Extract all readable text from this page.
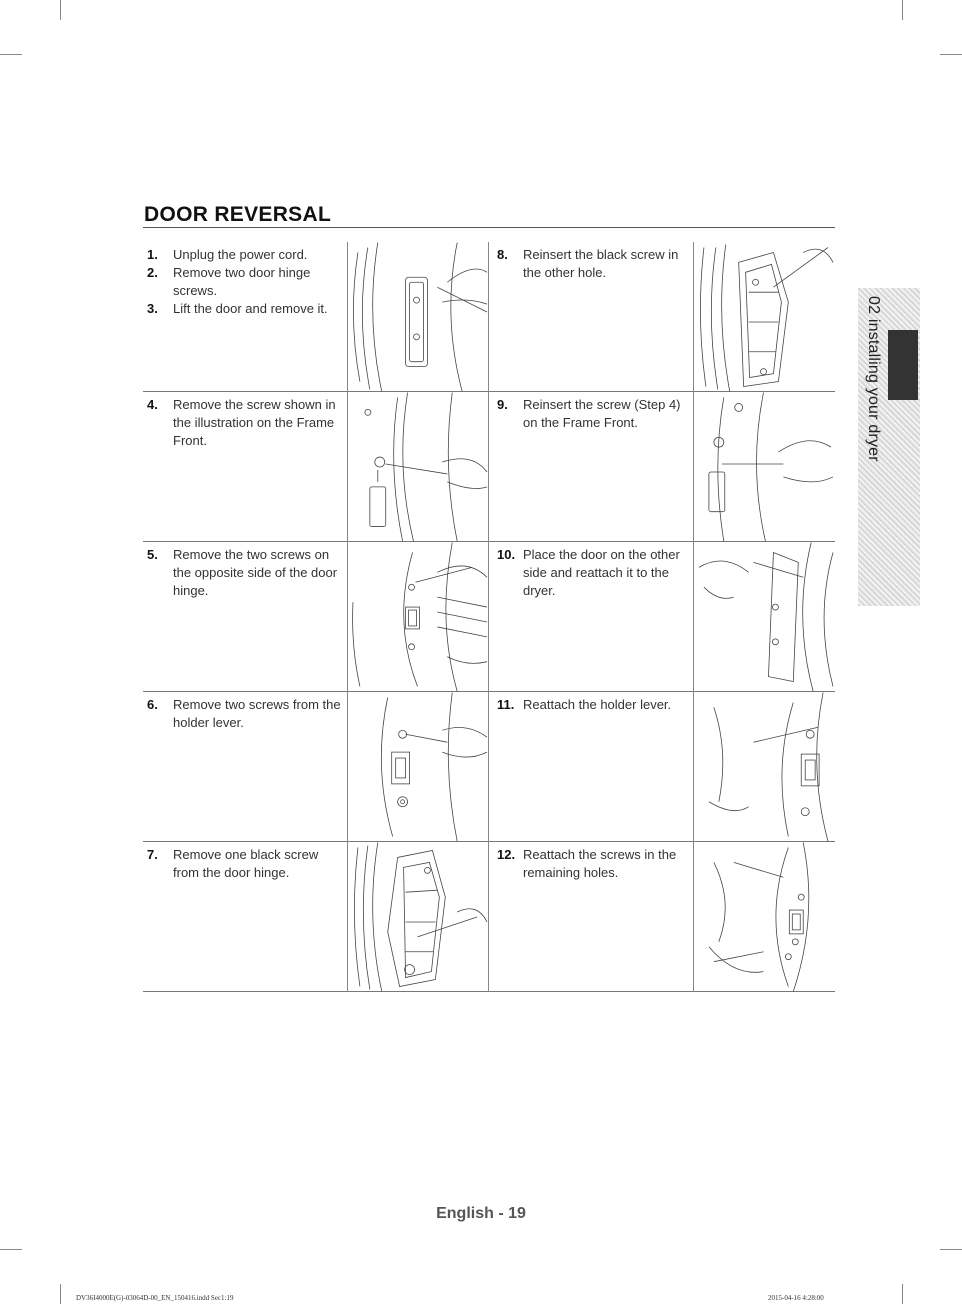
DOOR REVERSAL
1. Unplug the power cord.
2. Remove two door hinge screws.
3. Lift the door and remove it.
8. Reinsert the black screw in the other hole.
4. Remove the screw shown in the illustration on the Frame Front.
9. Reinsert the screw (Step 4) on the Frame Front.
5. Remove the two screws on the opposite side of the door hinge.
10. Place the door on the other side and reattach it to the dryer.
6. Remove two screws from the holder lever.
11. Reattach the holder lever.
7. Remove one black screw from the door hinge.
12. Reattach the screws in the remaining holes.
02 installing your dryer
English - 19
DV36I4000E(G)-03064D-00_EN_150416.indd Sec1:19	2015-04-16 4:28:00
